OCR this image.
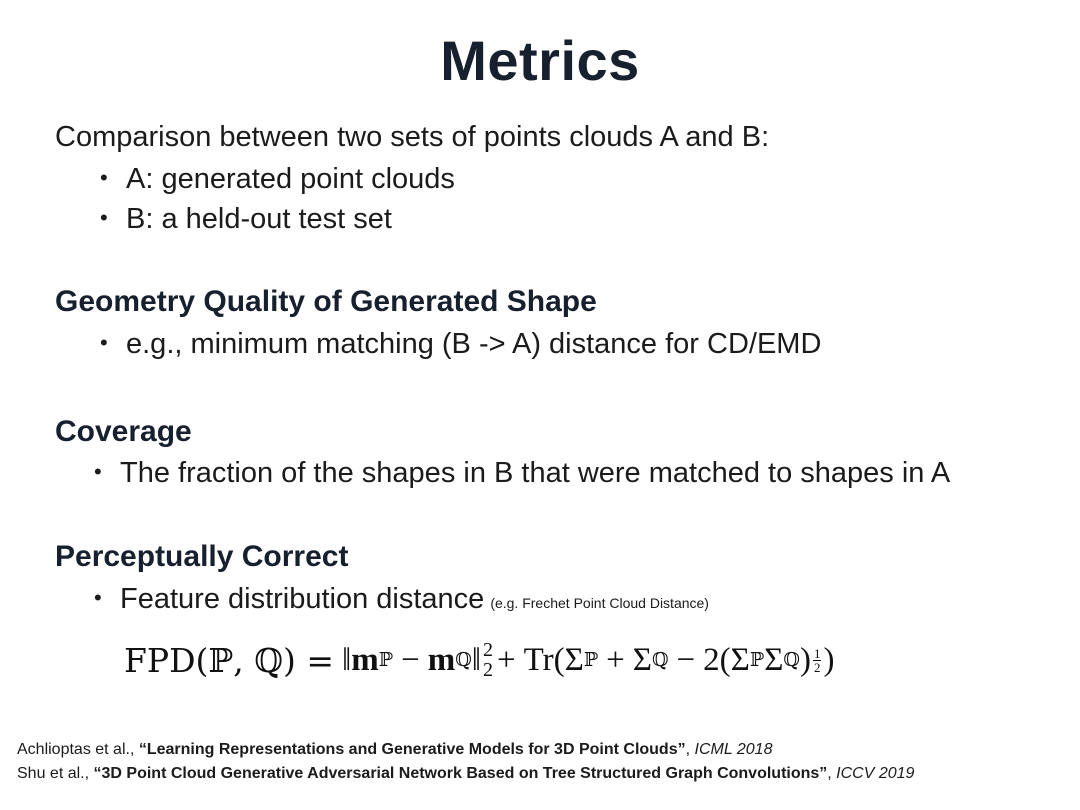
Metrics
Comparison between two sets of points clouds A and B:
• A: generated point clouds
• B: a held-out test set
Geometry Quality of Generated Shape
• e.g., minimum matching (B -> A) distance for CD/EMD
Coverage
• The fraction of the shapes in B that were matched to shapes in A
Perceptually Correct
• Feature distribution distance (e.g. Frechet Point Cloud Distance)
FPD(ℙ, ℚ) = ‖ m ℙ − m ℚ ‖ 2
2 + Tr( Σ ℙ + Σ ℚ − 2( Σ ℙ Σ ℚ ) $\frac{1}{2}$ )
Achlioptas et al., “Learning Representations and Generative Models for 3D Point Clouds”, ICML 2018
Shu et al., “3D Point Cloud Generative Adversarial Network Based on Tree Structured Graph Convolutions”, ICCV 2019
